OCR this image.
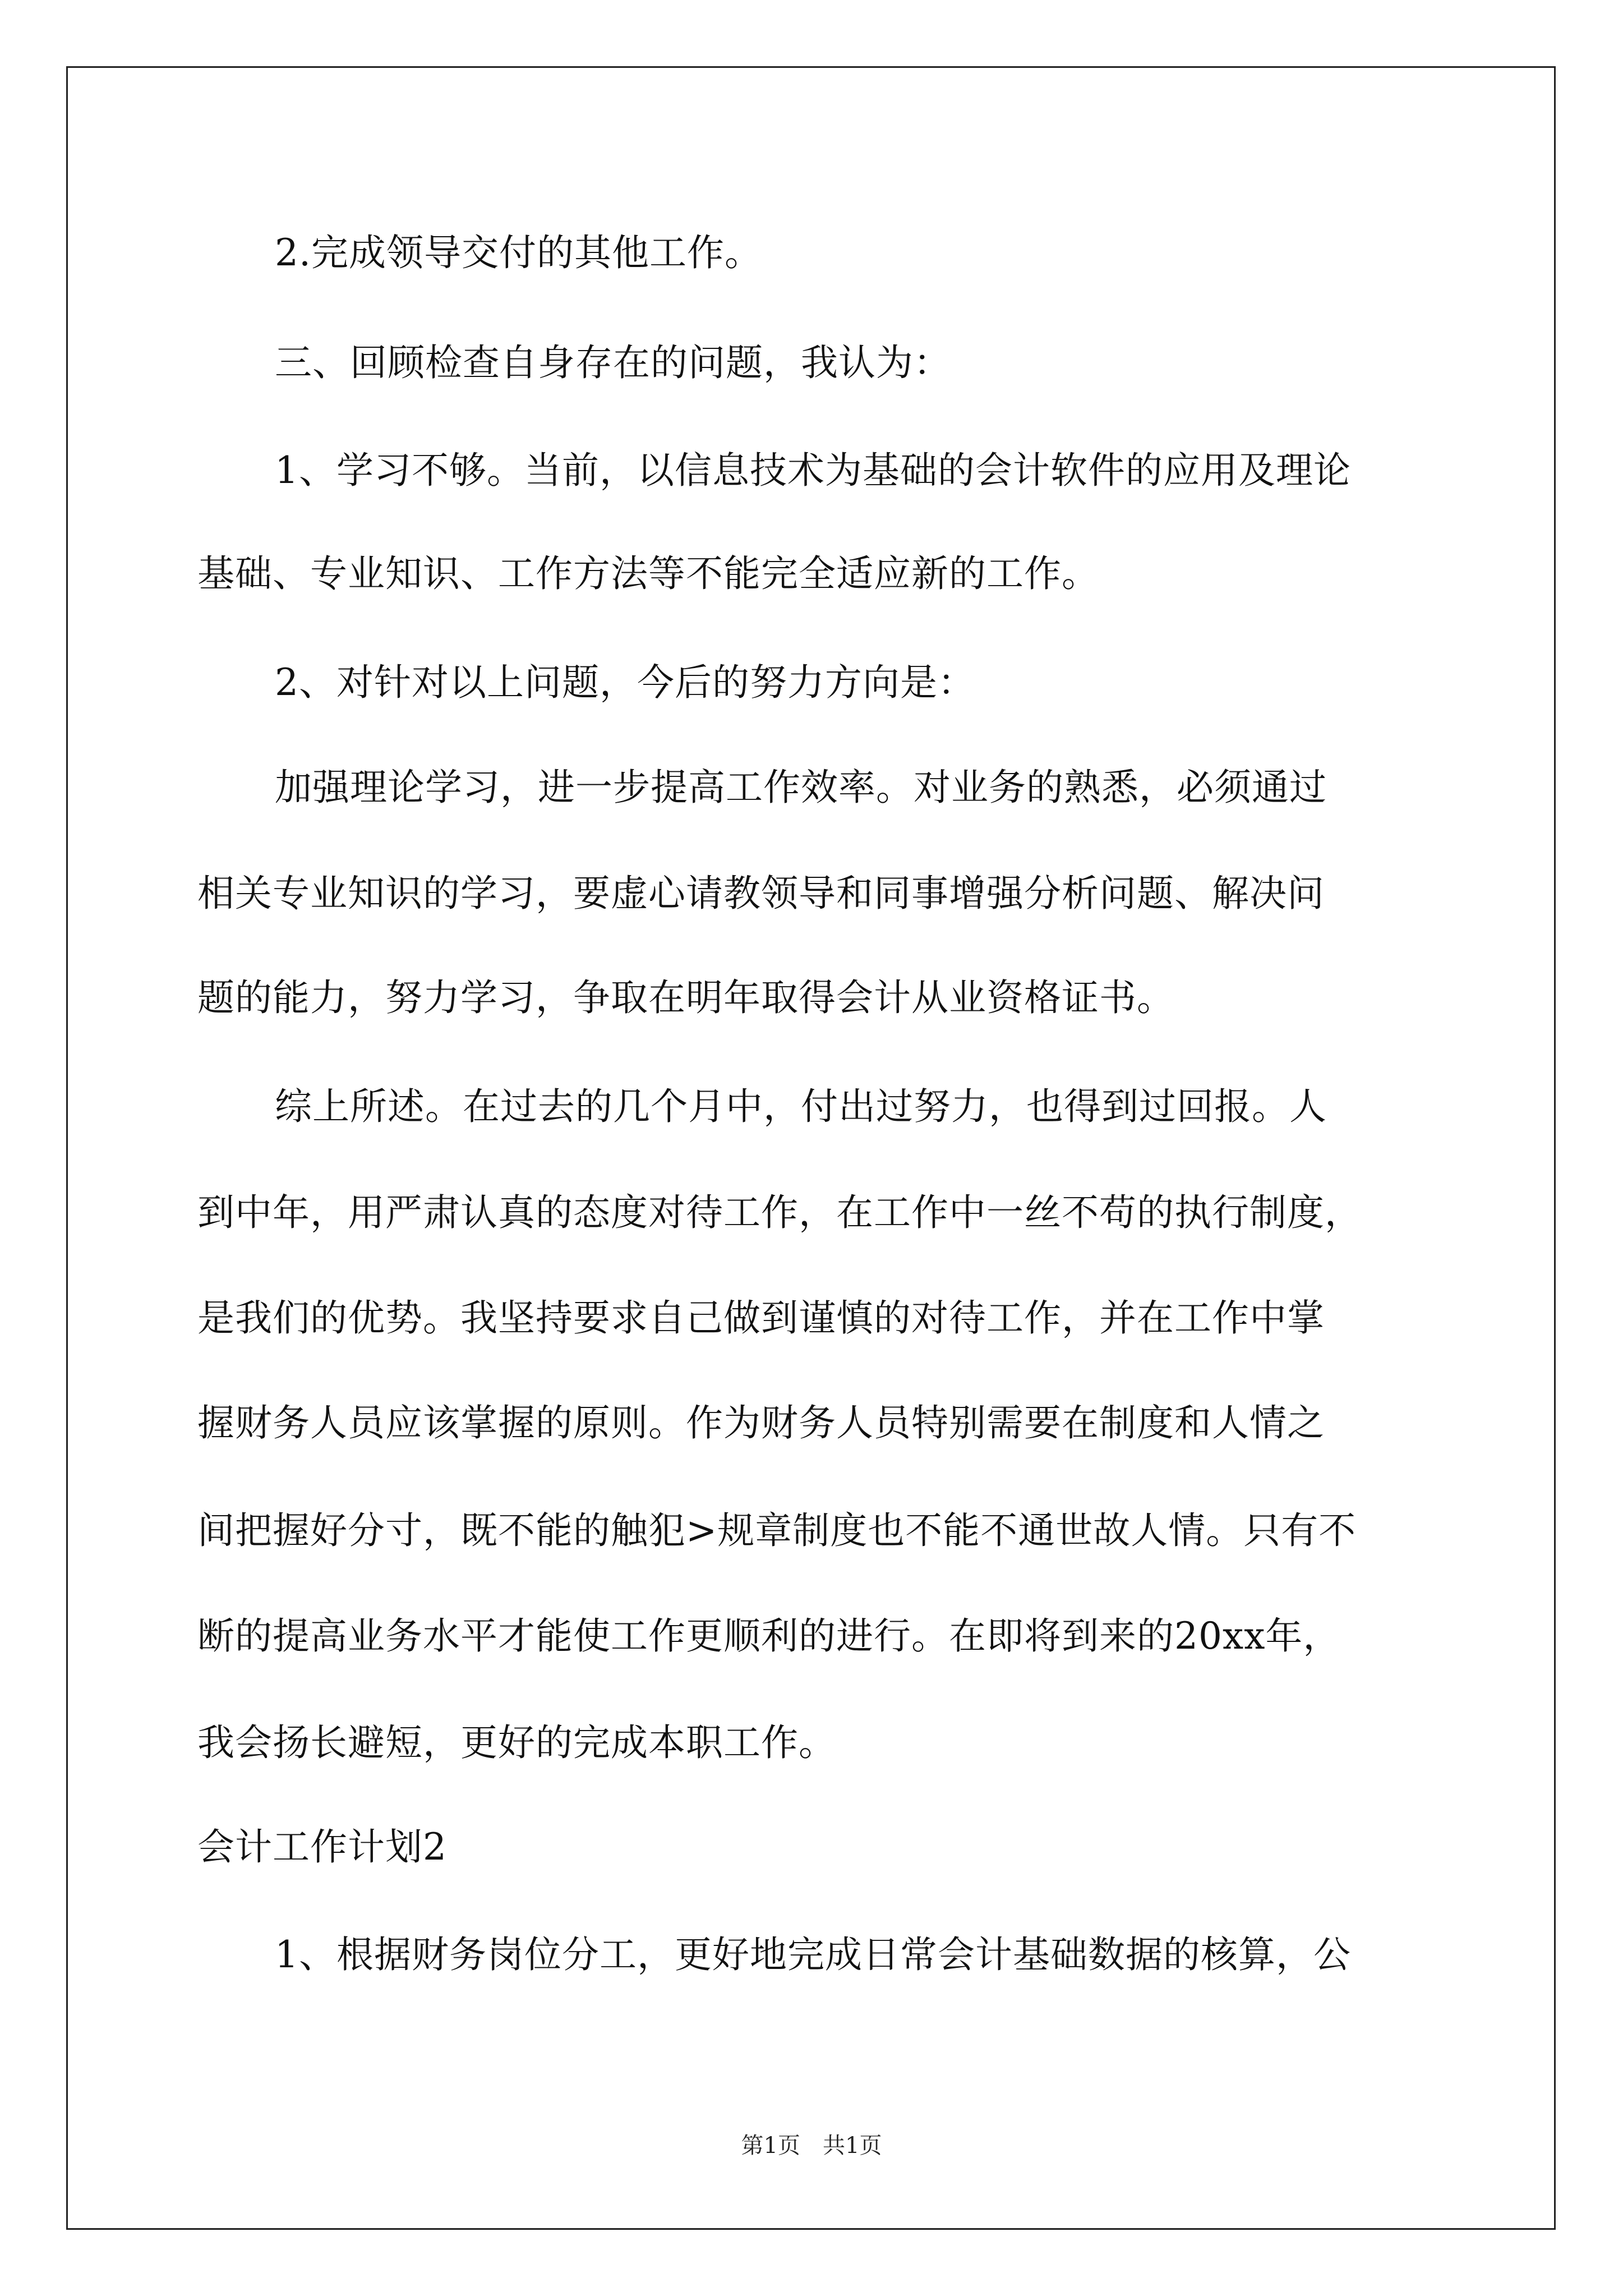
2.完成领导交付的其他工作。
三、回顾检查自身存在的问题，我认为：
1、学习不够。当前，以信息技术为基础的会计软件的应用及理论
基础、专业知识、工作方法等不能完全适应新的工作。
2、对针对以上问题，今后的努力方向是：
加强理论学习，进一步提高工作效率。对业务的熟悉，必须通过
相关专业知识的学习，要虚心请教领导和同事增强分析问题、解决问
题的能力，努力学习，争取在明年取得会计从业资格证书。
综上所述。在过去的几个月中，付出过努力，也得到过回报。人
到中年，用严肃认真的态度对待工作，在工作中一丝不苟的执行制度，
是我们的优势。我坚持要求自己做到谨慎的对待工作，并在工作中掌
握财务人员应该掌握的原则。作为财务人员特别需要在制度和人情之
间把握好分寸，既不能的触犯>规章制度也不能不通世故人情。只有不
断的提高业务水平才能使工作更顺利的进行。在即将到来的20xx年，
我会扬长避短，更好的完成本职工作。
会计工作计划2
1、根据财务岗位分工，更好地完成日常会计基础数据的核算，公
第1页　共1页
